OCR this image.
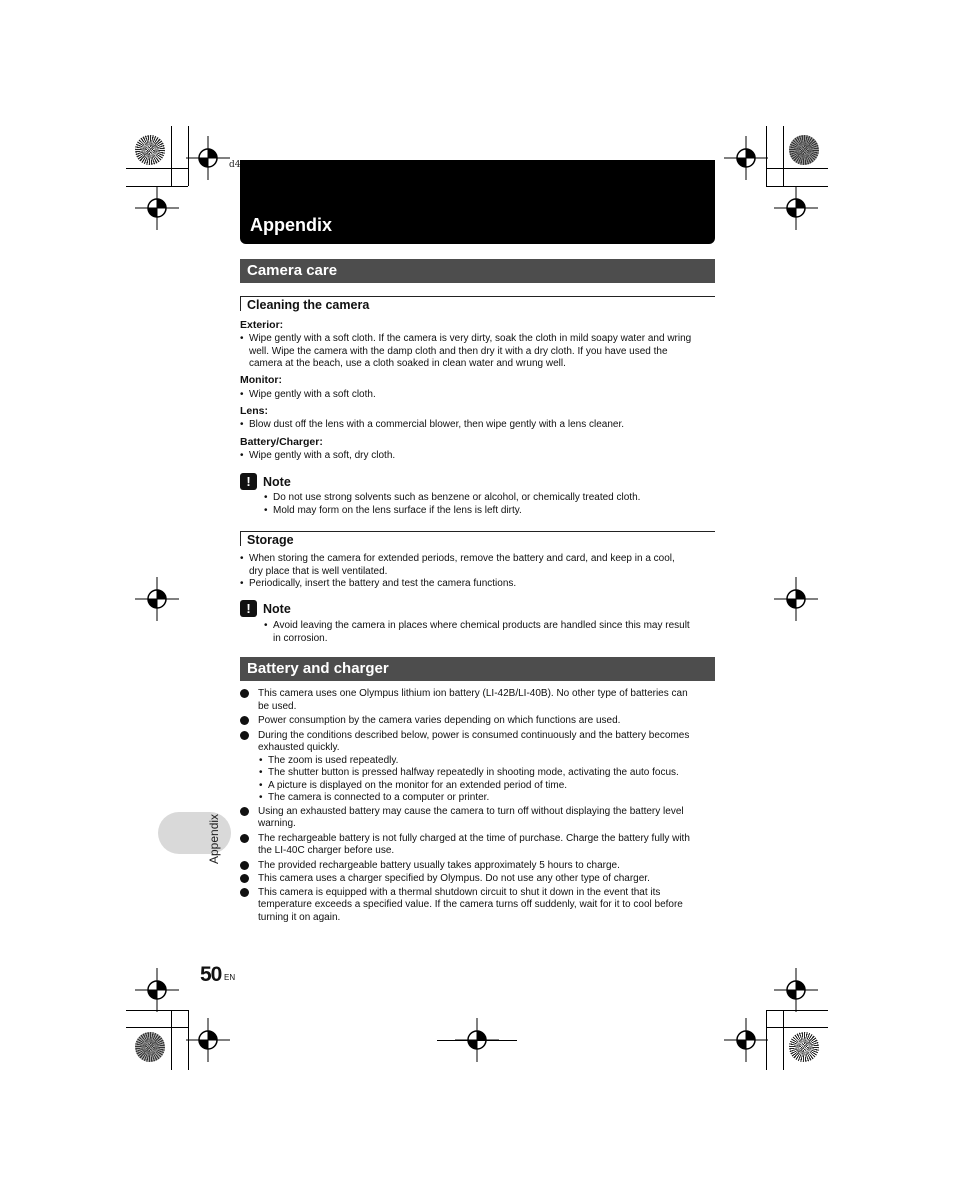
d4
Appendix
Camera care
Cleaning the camera
Exterior:
• Wipe gently with a soft cloth. If the camera is very dirty, soak the cloth in mild soapy water and wring
well. Wipe the camera with the damp cloth and then dry it with a dry cloth. If you have used the
camera at the beach, use a cloth soaked in clean water and wrung well.
Monitor:
• Wipe gently with a soft cloth.
Lens:
• Blow dust off the lens with a commercial blower, then wipe gently with a lens cleaner.
Battery/Charger:
• Wipe gently with a soft, dry cloth.
! Note
• Do not use strong solvents such as benzene or alcohol, or chemically treated cloth.
• Mold may form on the lens surface if the lens is left dirty.
Storage
• When storing the camera for extended periods, remove the battery and card, and keep in a cool,
dry place that is well ventilated.
• Periodically, insert the battery and test the camera functions.
! Note
• Avoid leaving the camera in places where chemical products are handled since this may result
in corrosion.
Battery and charger
This camera uses one Olympus lithium ion battery (LI-42B/LI-40B). No other type of batteries can
be used.
Power consumption by the camera varies depending on which functions are used.
During the conditions described below, power is consumed continuously and the battery becomes
exhausted quickly.
• The zoom is used repeatedly.
• The shutter button is pressed halfway repeatedly in shooting mode, activating the auto focus.
• A picture is displayed on the monitor for an extended period of time.
• The camera is connected to a computer or printer.
Using an exhausted battery may cause the camera to turn off without displaying the battery level
warning.
The rechargeable battery is not fully charged at the time of purchase. Charge the battery fully with
the LI-40C charger before use.
The provided rechargeable battery usually takes approximately 5 hours to charge.
This camera uses a charger specified by Olympus. Do not use any other type of charger.
This camera is equipped with a thermal shutdown circuit to shut it down in the event that its
temperature exceeds a specified value. If the camera turns off suddenly, wait for it to cool before
turning it on again.
Appendix
50 EN
